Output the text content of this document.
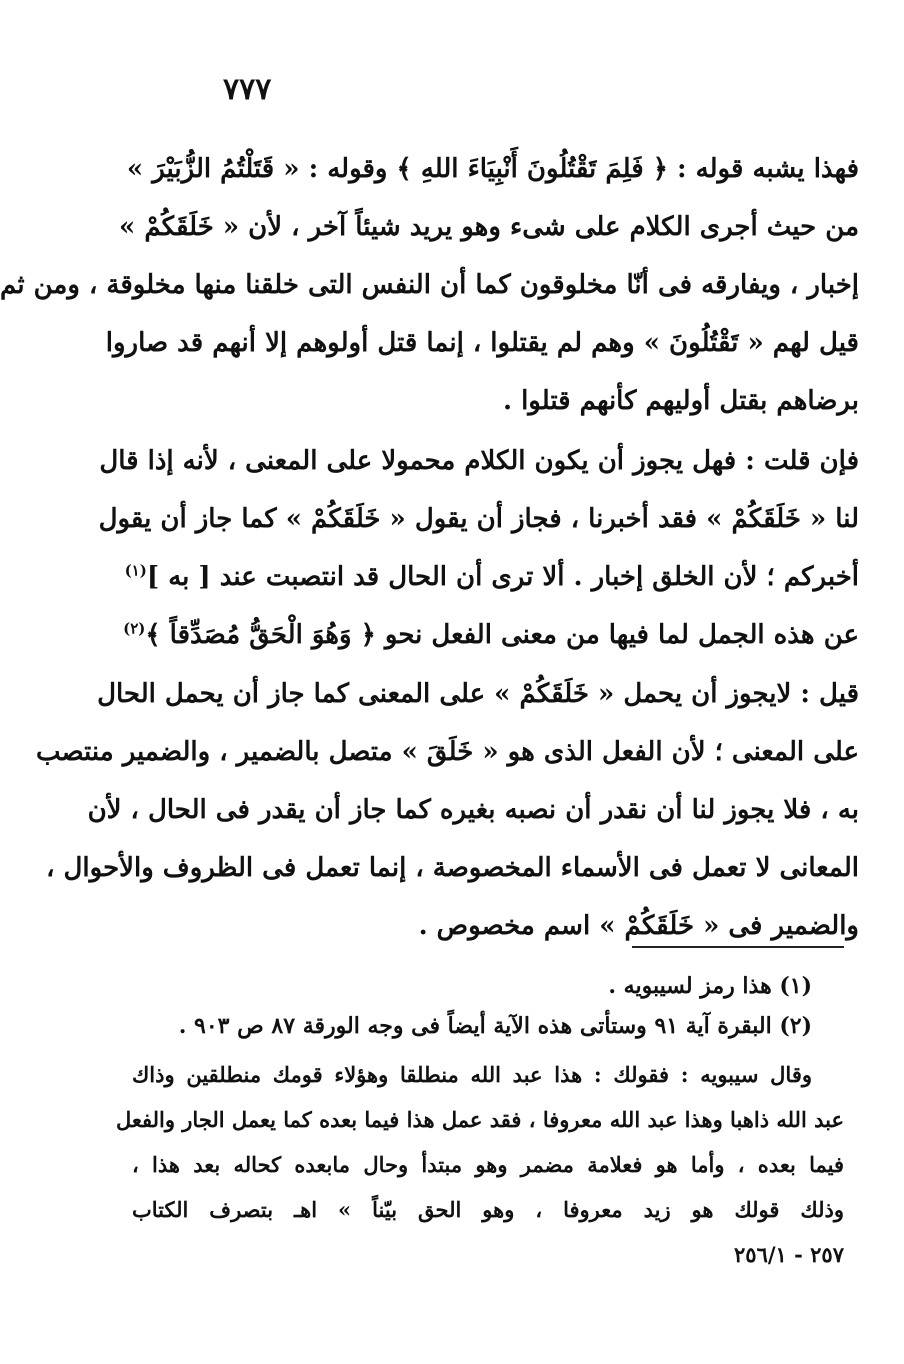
٧٧٧
فهذا يشبه قوله : ﴿ فَلِمَ تَقْتُلُونَ أَنْبِيَاءَ اللهِ ﴾ وقوله : « قَتَلْتُمُ الزُّبَيْرَ »
من حيث أجرى الكلام على شىء وهو يريد شيئاً آخر ، لأن « خَلَقَكُمْ »
إخبار ، ويفارقه فى أنّا مخلوقون كما أن النفس التى خلقنا منها مخلوقة ، ومن ثم
قيل لهم « تَقْتُلُونَ » وهم لم يقتلوا ، إنما قتل أولوهم إلا أنهم قد صاروا
برضاهم بقتل أوليهم كأنهم قتلوا .
فإن قلت : فهل يجوز أن يكون الكلام محمولا على المعنى ، لأنه إذا قال
لنا « خَلَقَكُمْ » فقد أخبرنا ، فجاز أن يقول « خَلَقَكُمْ » كما جاز أن يقول
أخبركم ؛ لأن الخلق إخبار . ألا ترى أن الحال قد انتصبت عند [ به ]$^{(١)}$
عن هذه الجمل لما فيها من معنى الفعل نحو ﴿ وَهُوَ الْحَقُّ مُصَدِّقاً ﴾$^{(٢)}$
قيل : لايجوز أن يحمل « خَلَقَكُمْ » على المعنى كما جاز أن يحمل الحال
على المعنى ؛ لأن الفعل الذى هو « خَلَقَ » متصل بالضمير ، والضمير منتصب
به ، فلا يجوز لنا أن نقدر أن نصبه بغيره كما جاز أن يقدر فى الحال ، لأن
المعانى لا تعمل فى الأسماء المخصوصة ، إنما تعمل فى الظروف والأحوال ،
والضمير فى « خَلَقَكُمْ » اسم مخصوص .
(١) هذا رمز لسيبويه .
(٢) البقرة آية ٩١ وستأتى هذه الآية أيضاً فى وجه الورقة ٨٧ ص ٩٠٣ .
وقال سيبويه : فقولك : هذا عبد الله منطلقا وهؤلاء قومك منطلقين وذاك
عبد الله ذاهبا وهذا عبد الله معروفا ، فقد عمل هذا فيما بعده كما يعمل الجار والفعل
فيما بعده ، وأما هو فعلامة مضمر وهو مبتدأ وحال مابعده كحاله بعد هذا ،
وذلك قولك هو زيد معروفا ، وهو الحق بيّناً » اهـ بتصرف الكتاب
٢٥٧ - ٢٥٦/١
